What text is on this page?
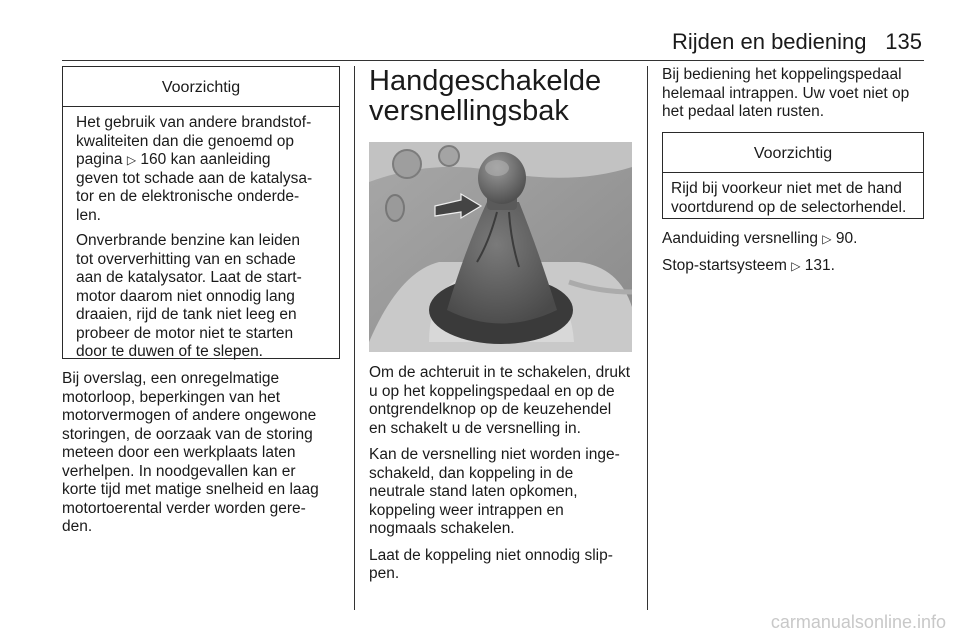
Rijden en bediening 135
Voorzichtig

Het gebruik van andere brandstof-
kwaliteiten dan die genoemd op
pagina ▷ 160 kan aanleiding
geven tot schade aan de katalysa-
tor en de elektronische onderde-
len.

Onverbrande benzine kan leiden
tot oververhitting van en schade
aan de katalysator. Laat de start-
motor daarom niet onnodig lang
draaien, rijd de tank niet leeg en
probeer de motor niet te starten
door te duwen of te slepen.

Bij overslag, een onregelmatige
motorloop, beperkingen van het
motorvermogen of andere ongewone
storingen, de oorzaak van de storing
meteen door een werkplaats laten
verhelpen. In noodgevallen kan er
korte tijd met matige snelheid en laag
motortoerental verder worden gere-
den.
Handgeschakelde
versnellingsbak

Om de achteruit in te schakelen, drukt
u op het koppelingspedaal en op de
ontgrendelknop op de keuzehendel
en schakelt u de versnelling in.

Kan de versnelling niet worden inge-
schakeld, dan koppeling in de
neutrale stand laten opkomen,
koppeling weer intrappen en
nogmaals schakelen.

Laat de koppeling niet onnodig slip-
pen.

Bij bediening het koppelingspedaal
helemaal intrappen. Uw voet niet op
het pedaal laten rusten.
Voorzichtig
Rijd bij voorkeur niet met de hand
voortdurend op de selectorhendel.

Aanduiding versnelling ▷ 90.

Stop-startsysteem ▷ 131.

carmanualsonline.info
